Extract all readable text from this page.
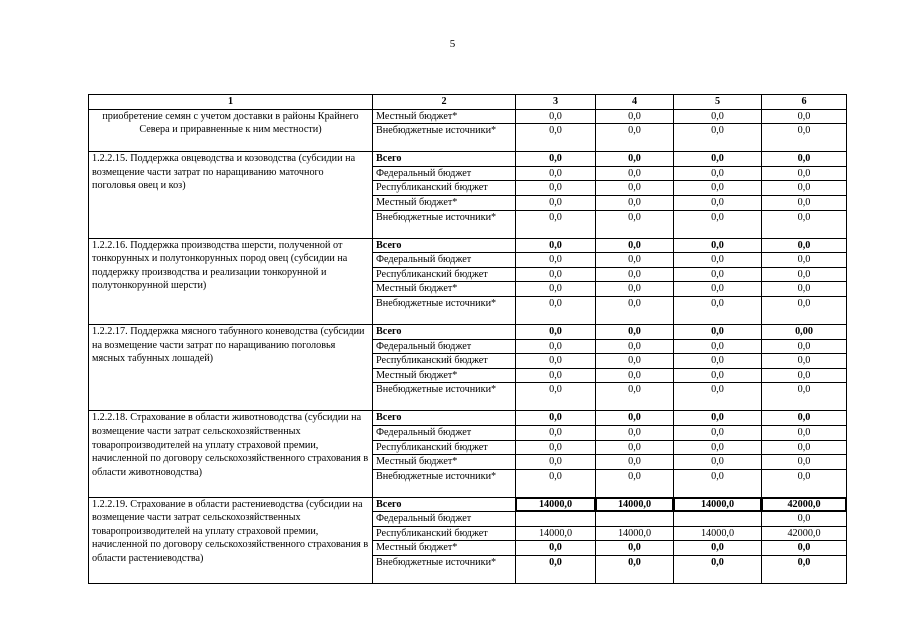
5
1	2	3	4	5	6
приобретение семян с учетом доставки в районы Крайнего Севера и приравненные к ним местности)	Местный бюджет*	0,0	0,0	0,0	0,0
	Внебюджетные источники*	0,0	0,0	0,0	0,0
1.2.2.15. Поддержка овцеводства и козоводства (субсидии на возмещение части затрат по наращиванию маточного поголовья овец и коз)	Всего	0,0	0,0	0,0	0,0
	Федеральный бюджет	0,0	0,0	0,0	0,0
	Республиканский бюджет	0,0	0,0	0,0	0,0
	Местный бюджет*	0,0	0,0	0,0	0,0
	Внебюджетные источники*	0,0	0,0	0,0	0,0
1.2.2.16. Поддержка производства шерсти, полученной от тонкорунных и полутонкорунных пород овец (субсидии на поддержку производства и реализации тонкорунной и полутонкорунной шерсти)	Всего	0,0	0,0	0,0	0,0
	Федеральный бюджет	0,0	0,0	0,0	0,0
	Республиканский бюджет	0,0	0,0	0,0	0,0
	Местный бюджет*	0,0	0,0	0,0	0,0
	Внебюджетные источники*	0,0	0,0	0,0	0,0
1.2.2.17. Поддержка мясного табунного коневодства (субсидии на возмещение части затрат по наращиванию поголовья мясных табунных лошадей)	Всего	0,0	0,0	0,0	0,00
	Федеральный бюджет	0,0	0,0	0,0	0,0
	Республиканский бюджет	0,0	0,0	0,0	0,0
	Местный бюджет*	0,0	0,0	0,0	0,0
	Внебюджетные источники*	0,0	0,0	0,0	0,0
1.2.2.18. Страхование в области животноводства (субсидии на возмещение части затрат сельскохозяйственных товаропроизводителей на уплату страховой премии, начисленной по договору сельскохозяйственного страхования в области животноводства)	Всего	0,0	0,0	0,0	0,0
	Федеральный бюджет	0,0	0,0	0,0	0,0
	Республиканский бюджет	0,0	0,0	0,0	0,0
	Местный бюджет*	0,0	0,0	0,0	0,0
	Внебюджетные источники*	0,0	0,0	0,0	0,0
1.2.2.19. Страхование в области растениеводства (субсидии на возмещение части затрат сельскохозяйственных товаропроизводителей на уплату страховой премии, начисленной по договору сельскохозяйственного страхования в области растениеводства)	Всего	14000,0	14000,0	14000,0	42000,0
	Федеральный бюджет				0,0
	Республиканский бюджет	14000,0	14000,0	14000,0	42000,0
	Местный бюджет*	0,0	0,0	0,0	0,0
	Внебюджетные источники*	0,0	0,0	0,0	0,0
